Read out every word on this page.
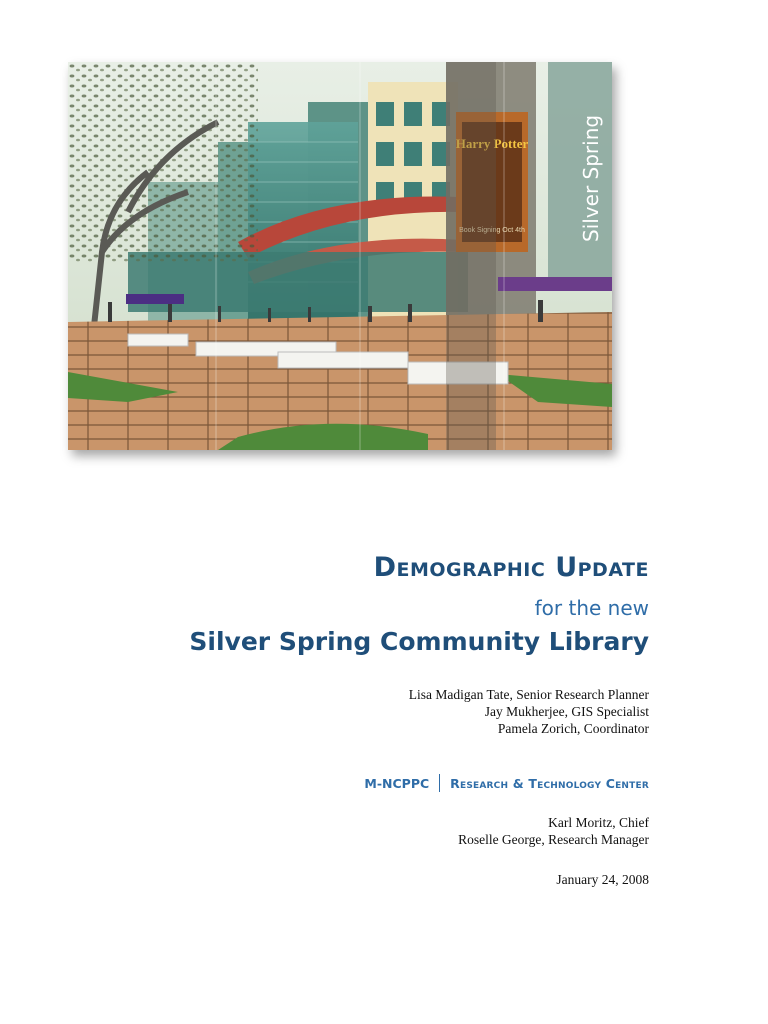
Harry Potter
Book Signing Oct 4th	Silver Spring
Demographic Update
for the new
Silver Spring Community Library
Lisa Madigan Tate, Senior Research Planner
Jay Mukherjee, GIS Specialist
Pamela Zorich, Coordinator
M-NCPPC Research & Technology Center
Karl Moritz, Chief
Roselle George, Research Manager
January 24, 2008
